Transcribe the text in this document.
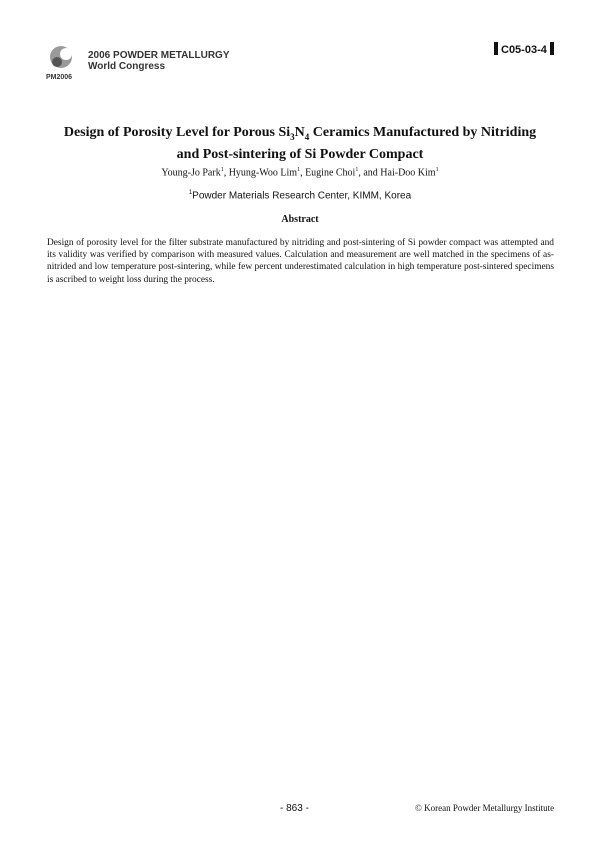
PM2006
2006 POWDER METALLURGY
World Congress
C05-03-4
Design of Porosity Level for Porous $Si_3N_4$ Ceramics Manufactured by Nitriding
and Post-sintering of Si Powder Compact
Young-Jo Park$^1$, Hyung-Woo Lim$^1$, Eugine Choi$^1$, and Hai-Doo Kim$^1$
$^1$Powder Materials Research Center, KIMM, Korea
Abstract

Design of porosity level for the filter substrate manufactured by nitriding and post-sintering of Si powder compact was attempted and its validity was verified by comparison with measured values. Calculation and measurement are well matched in the specimens of as-nitrided and low temperature post-sintering, while few percent underestimated calculation in high temperature post-sintered specimens is ascribed to weight loss during the process.

- 863 -	© Korean Powder Metallurgy Institute
